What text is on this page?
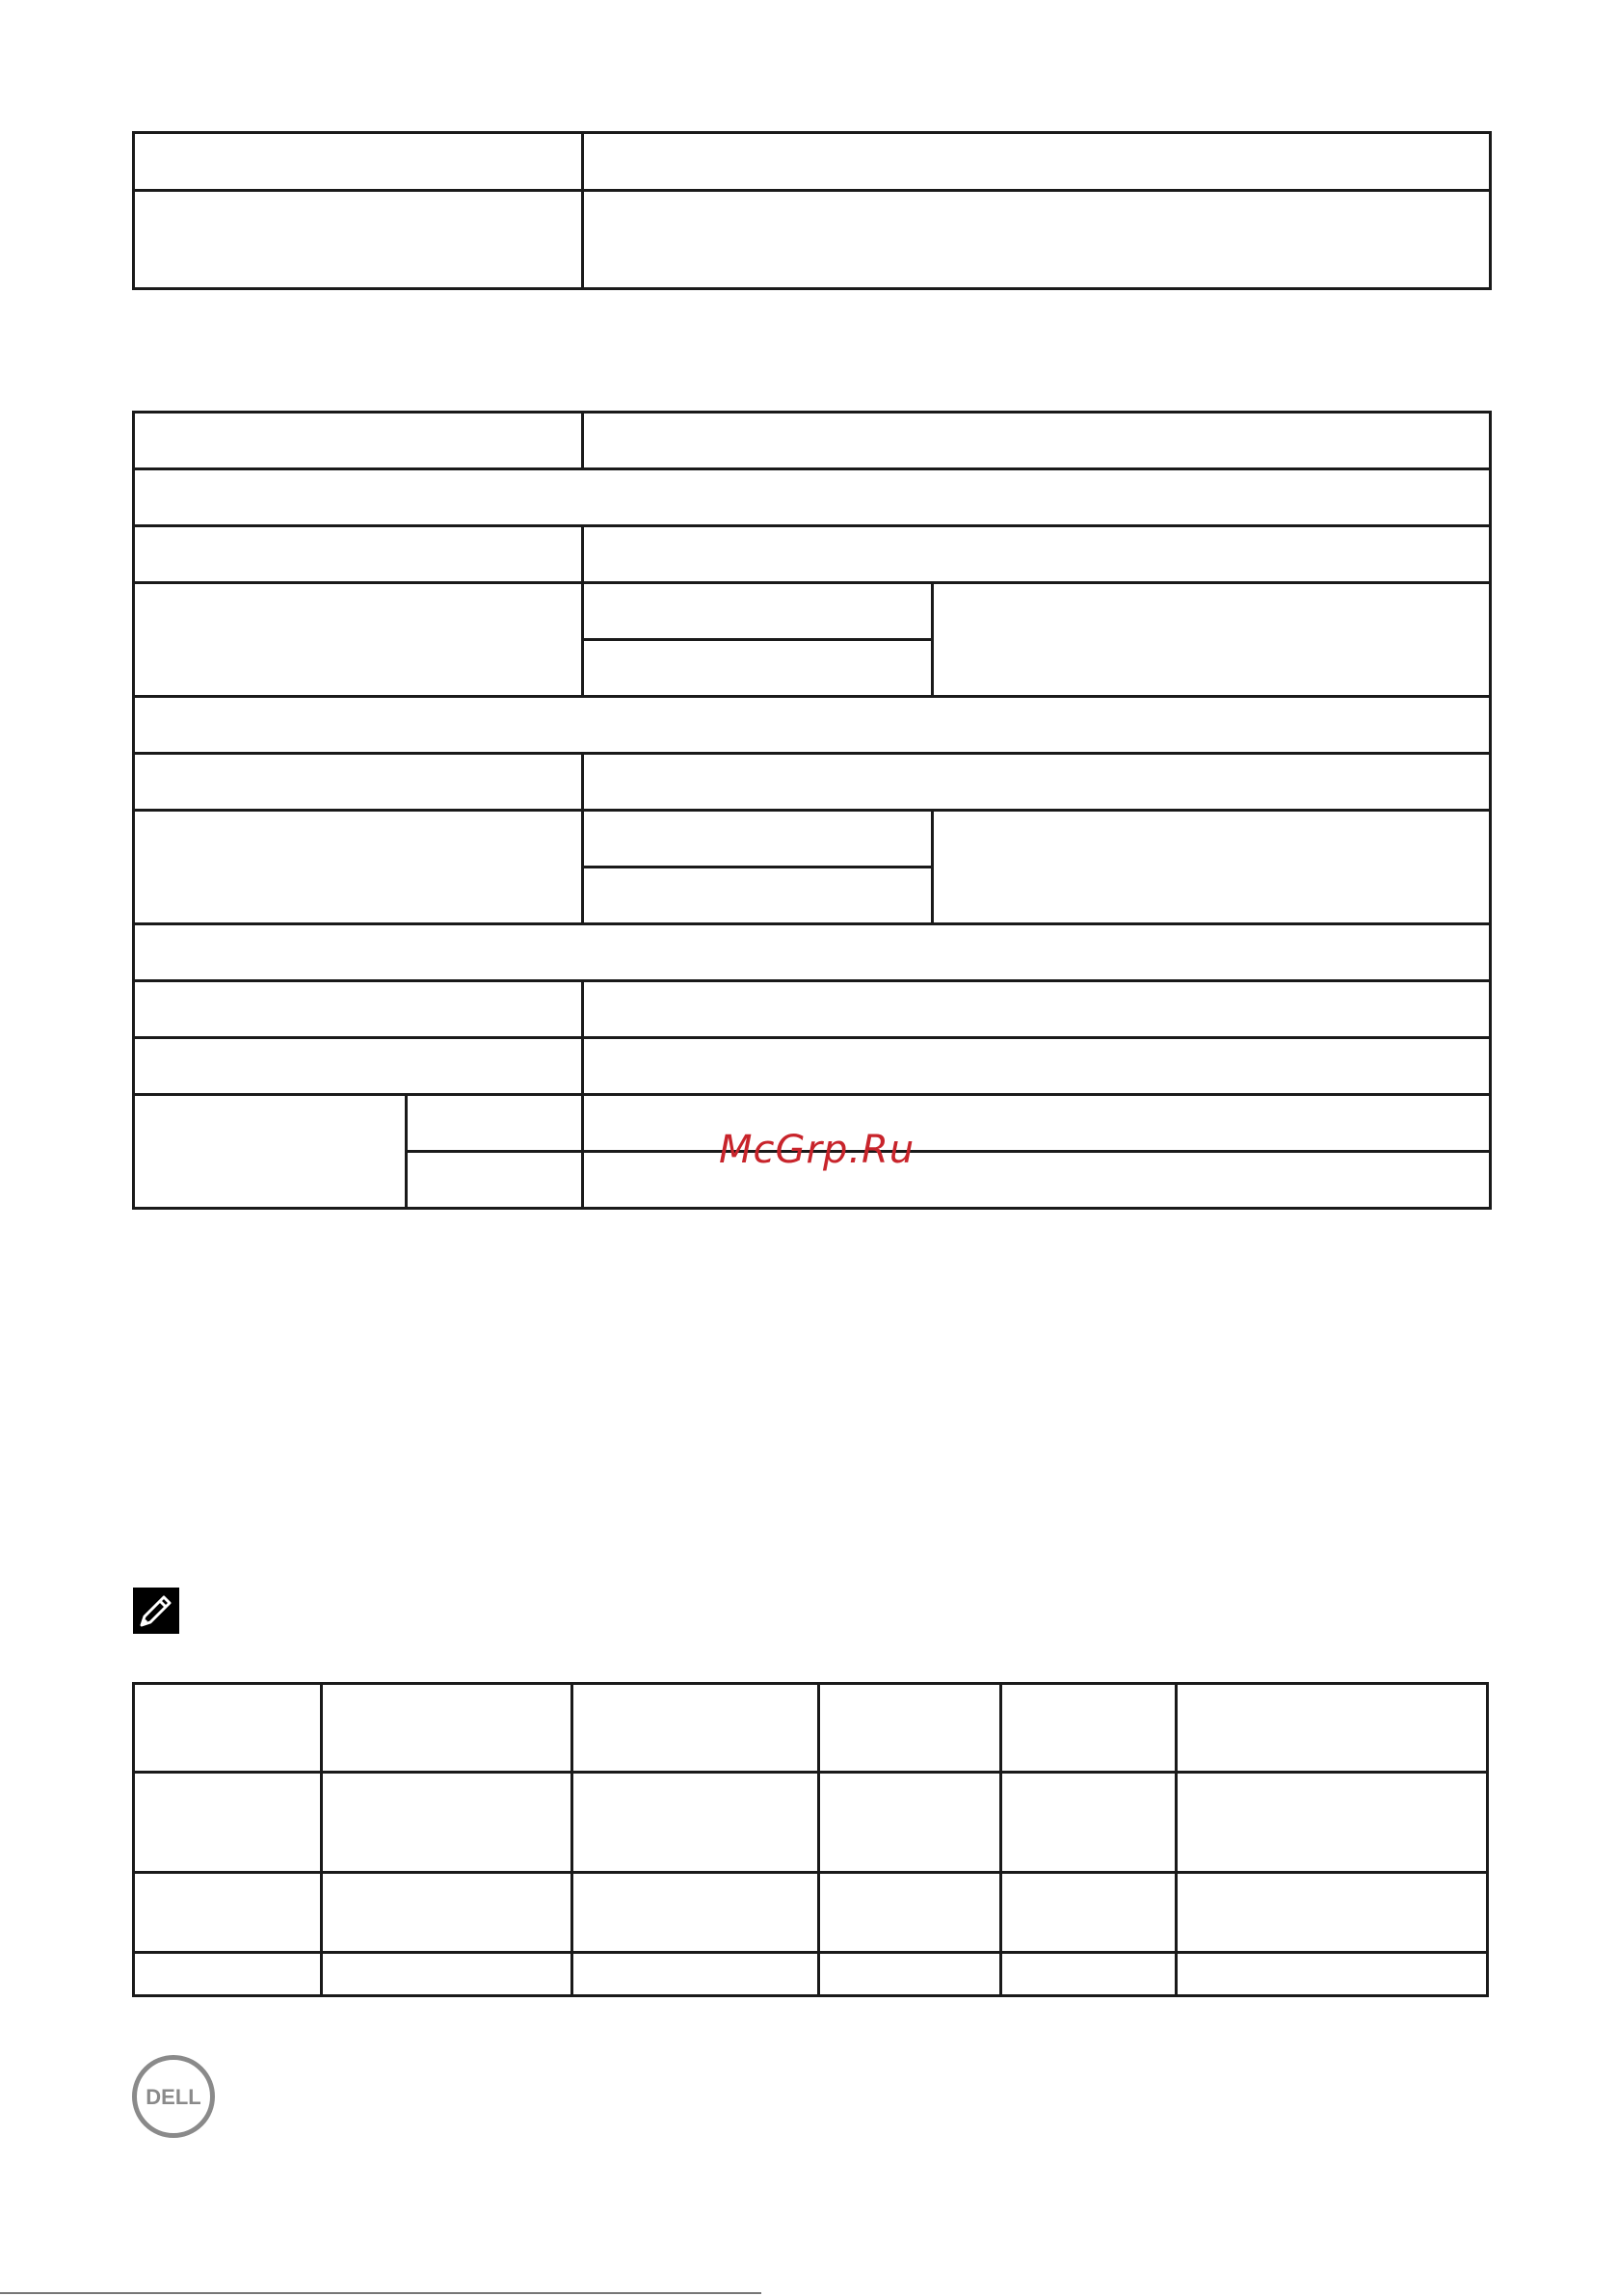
McGrp.Ru

DELL
